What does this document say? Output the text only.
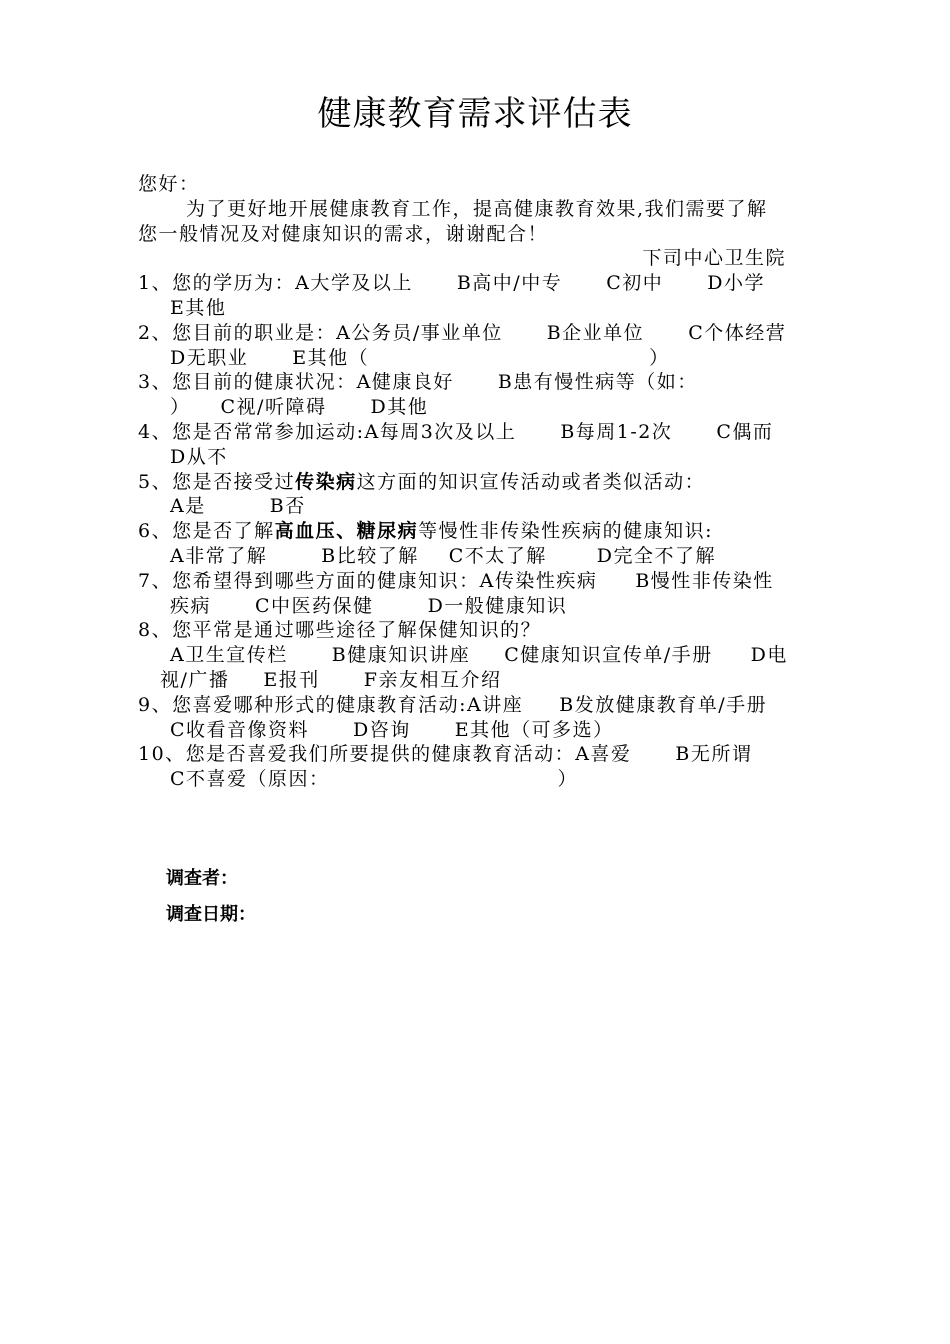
健康教育需求评估表
您好：
为了更好地开展健康教育工作，提高健康教育效果,我们需要了解
您一般情况及对健康知识的需求，谢谢配合！
下司中心卫生院
1、您的学历为：A大学及以上 B高中/中专 C初中 D小学
E其他
2、您目前的职业是：A公务员/事业单位 B企业单位 C个体经营
D无职业 E其他（	）
3、您目前的健康状况：A健康良好 B患有慢性病等（如：
） C视/听障碍 D其他
4、您是否常常参加运动:A每周3次及以上 B每周1-2次 C偶而
D从不
5、您是否接受过传染病这方面的知识宣传活动或者类似活动：
A是	B否
6、您是否了解高血压、糖尿病等慢性非传染性疾病的健康知识:
A非常了解	B比较了解 C不太了解	D完全不了解
7、您希望得到哪些方面的健康知识：A传染性疾病 B慢性非传染性
疾病 C中医药保健	D一般健康知识
8、您平常是通过哪些途径了解保健知识的？
A卫生宣传栏 B健康知识讲座 C健康知识宣传单/手册 D电
视/广播 E报刊 F亲友相互介绍
9、您喜爱哪种形式的健康教育活动:A讲座 B发放健康教育单/手册
C收看音像资料 D咨询 E其他（可多选）
10、您是否喜爱我们所要提供的健康教育活动：A喜爱 B无所谓
C不喜爱（原因：	）
调查者：
调查日期：
